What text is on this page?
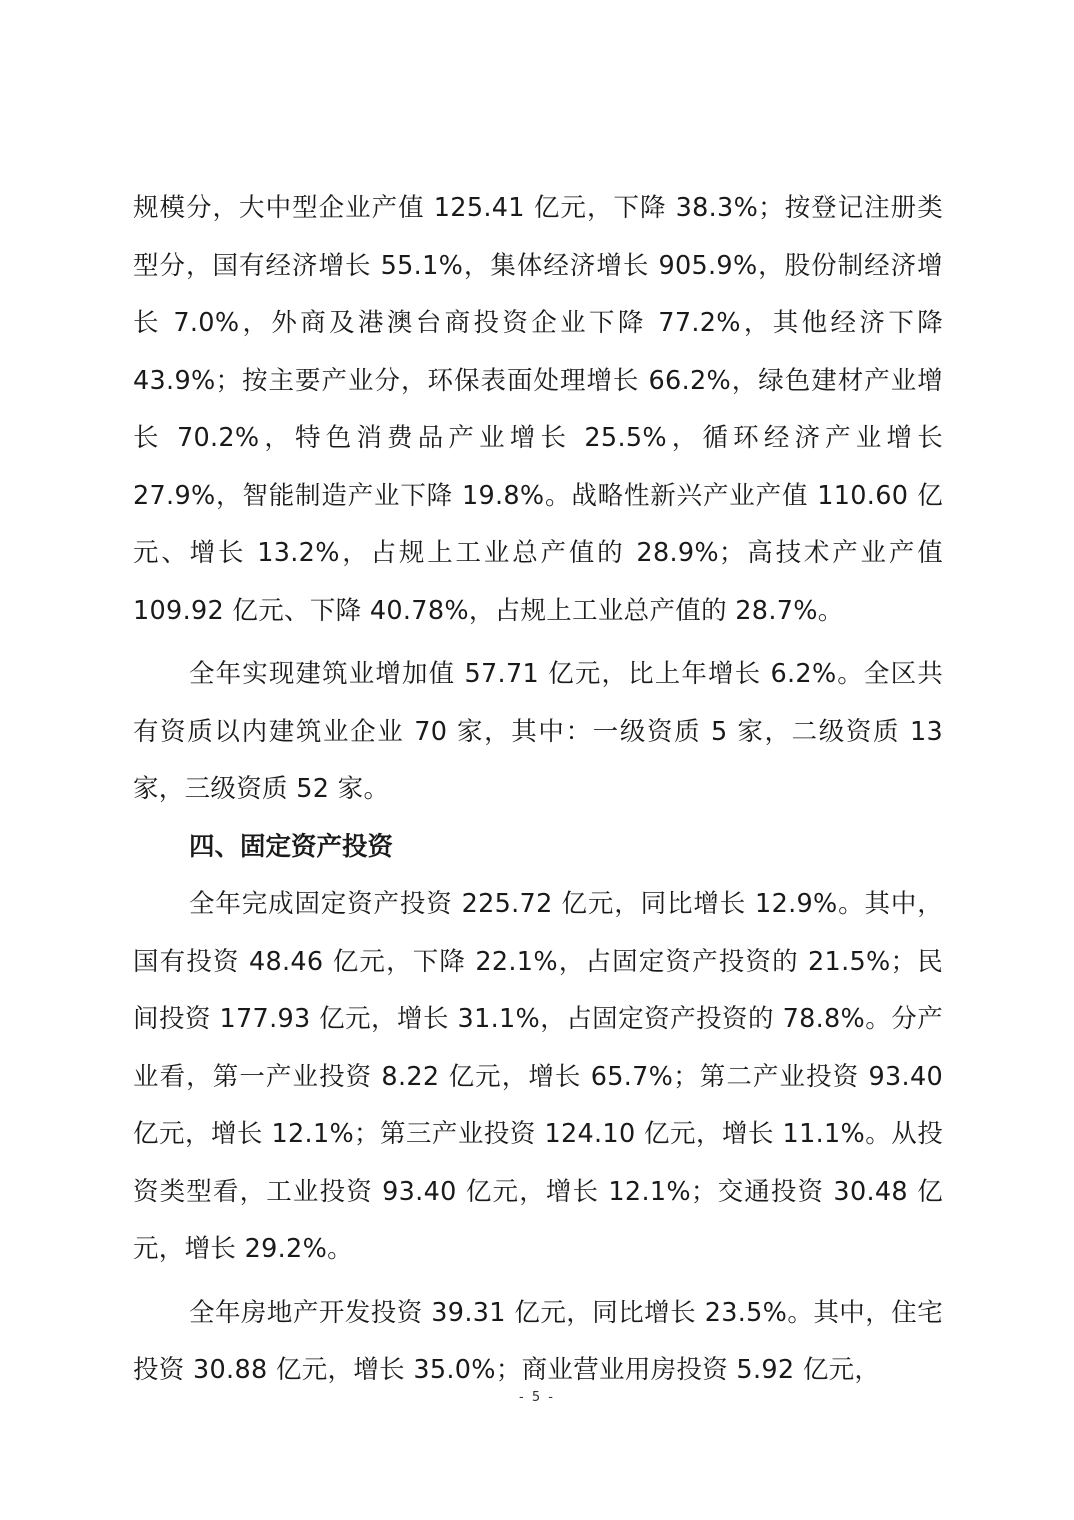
规模分，大中型企业产值 125.41 亿元，下降 38.3%；按登记注册类型分，国有经济增长 55.1%，集体经济增长 905.9%，股份制经济增长 7.0%，外商及港澳台商投资企业下降 77.2%，其他经济下降 43.9%；按主要产业分，环保表面处理增长 66.2%，绿色建材产业增长 70.2%，特色消费品产业增长 25.5%，循环经济产业增长 27.9%，智能制造产业下降 19.8%。战略性新兴产业产值 110.60 亿元、增长 13.2%，占规上工业总产值的 28.9%；高技术产业产值 109.92 亿元、下降 40.78%，占规上工业总产值的 28.7%。

全年实现建筑业增加值 57.71 亿元，比上年增长 6.2%。全区共有资质以内建筑业企业 70 家，其中：一级资质 5 家，二级资质 13 家，三级资质 52 家。

四、固定资产投资

全年完成固定资产投资 225.72 亿元，同比增长 12.9%。其中，国有投资 48.46 亿元，下降 22.1%，占固定资产投资的 21.5%；民间投资 177.93 亿元，增长 31.1%，占固定资产投资的 78.8%。分产业看，第一产业投资 8.22 亿元，增长 65.7%；第二产业投资 93.40 亿元，增长 12.1%；第三产业投资 124.10 亿元，增长 11.1%。从投资类型看，工业投资 93.40 亿元，增长 12.1%；交通投资 30.48 亿元，增长 29.2%。

全年房地产开发投资 39.31 亿元，同比增长 23.5%。其中，住宅投资 30.88 亿元，增长 35.0%；商业营业用房投资 5.92 亿元，

- 5 -
